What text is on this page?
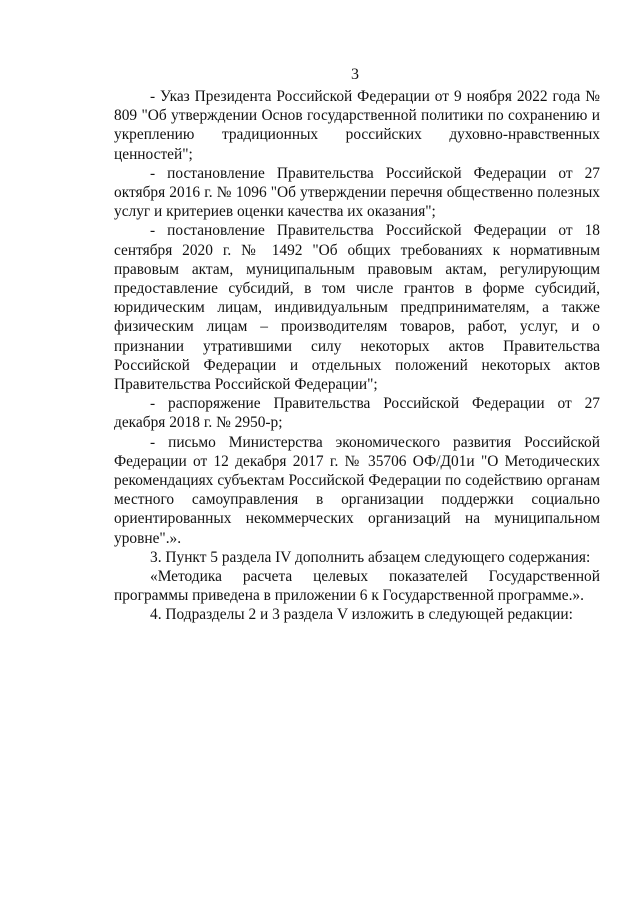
3

- Указ Президента Российской Федерации от 9 ноября 2022 года № 809 "Об утверждении Основ государственной политики по сохранению и укреплению традиционных российских духовно-нравственных ценностей";

- постановление Правительства Российской Федерации от 27 октября 2016 г. № 1096 "Об утверждении перечня общественно полезных услуг и критериев оценки качества их оказания";

- постановление Правительства Российской Федерации от 18 сентября 2020 г. № 1492 "Об общих требованиях к нормативным правовым актам, муниципальным правовым актам, регулирующим предоставление субсидий, в том числе грантов в форме субсидий, юридическим лицам, индивидуальным предпринимателям, а также физическим лицам – производителям товаров, работ, услуг, и о признании утратившими силу некоторых актов Правительства Российской Федерации и отдельных положений некоторых актов Правительства Российской Федерации";

- распоряжение Правительства Российской Федерации от 27 декабря 2018 г. № 2950-р;

- письмо Министерства экономического развития Российской Федерации от 12 декабря 2017 г. № 35706 ОФ/Д01и "О Методических рекомендациях субъектам Российской Федерации по содействию органам местного самоуправления в организации поддержки социально ориентированных некоммерческих организаций на муниципальном уровне".».

3. Пункт 5 раздела IV дополнить абзацем следующего содержания:

«Методика расчета целевых показателей Государственной программы приведена в приложении 6 к Государственной программе.».

4. Подразделы 2 и 3 раздела V изложить в следующей редакции:
